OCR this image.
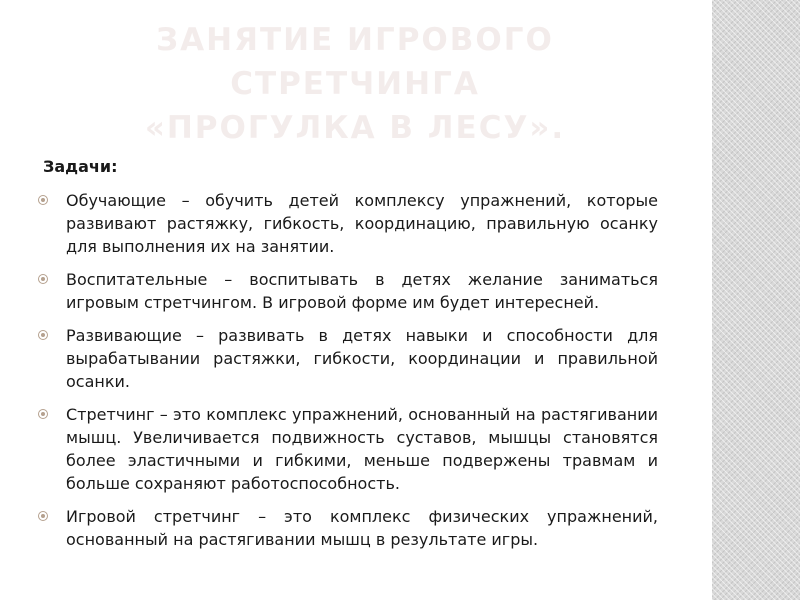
ЗАНЯТИЕ ИГРОВОГО
СТРЕТЧИНГА
«ПРОГУЛКА В ЛЕСУ».

Задачи:

Обучающие – обучить детей комплексу упражнений, которые развивают растяжку, гибкость, координацию, правильную осанку для выполнения их на занятии.
Воспитательные – воспитывать в детях желание заниматься игровым стретчингом. В игровой форме им будет интересней.
Развивающие – развивать в детях навыки и способности для вырабатывании растяжки, гибкости, координации и правильной осанки.
Стретчинг – это комплекс упражнений, основанный на растягивании мышц. Увеличивается подвижность суставов, мышцы становятся более эластичными и гибкими, меньше подвержены травмам и больше сохраняют работоспособность.
Игровой стретчинг – это комплекс физических упражнений, основанный на растягивании мышц в результате игры.
